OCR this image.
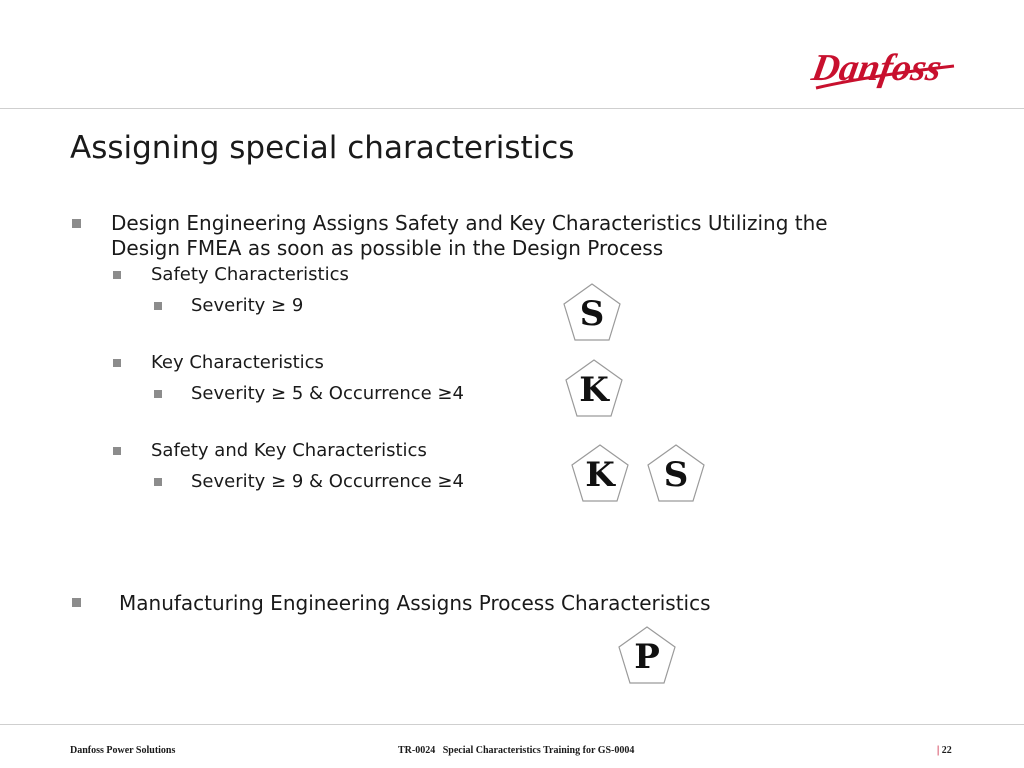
Danfoss
Assigning special characteristics
Design Engineering Assigns Safety and Key Characteristics Utilizing the
Design FMEA as soon as possible in the Design Process
Safety Characteristics
Severity ≥ 9
Key Characteristics
Severity ≥ 5 & Occurrence ≥4
Safety and Key Characteristics
Severity ≥ 9 & Occurrence ≥4
Manufacturing Engineering Assigns Process Characteristics
S
K
K	S
P
Danfoss Power Solutions	TR-0024   Special Characteristics Training for GS-0004	| 22
